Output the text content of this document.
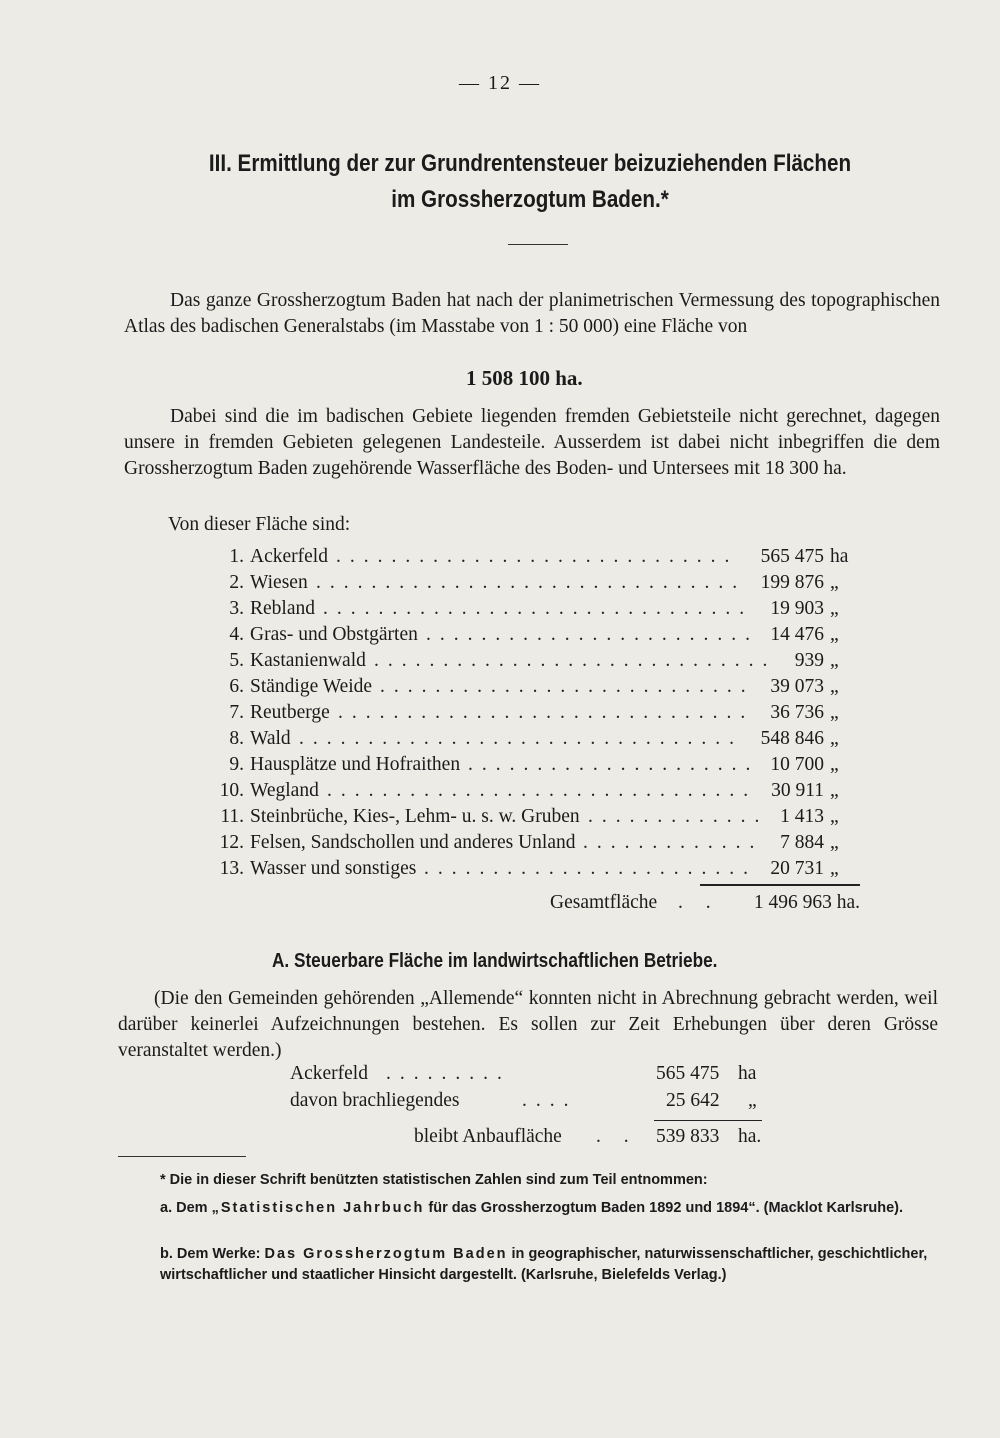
— 12 —
III. Ermittlung der zur Grundrentensteuer beizuziehenden Flächen
im Grossherzogtum Baden.*
Das ganze Grossherzogtum Baden hat nach der planimetrischen Vermessung des topographischen Atlas des badischen Generalstabs (im Masstabe von 1 : 50 000) eine Fläche von
1 508 100 ha.
Dabei sind die im badischen Gebiete liegenden fremden Gebietsteile nicht gerechnet, dagegen unsere in fremden Gebieten gelegenen Landesteile. Ausserdem ist dabei nicht inbegriffen die dem Grossherzogtum Baden zugehörende Wasserfläche des Boden- und Untersees mit 18 300 ha.
Von dieser Fläche sind:
1. Ackerfeld .............................	565 475 ha
2. Wiesen ............................... 199 876 „
3. Rebland ............................... 19 903 „
4. Gras- und Obstgärten ........................ 14 476 „
5. Kastanienwald ............................. 939 „
6. Ständige Weide ........................... 39 073 „
7. Reutberge .............................. 36 736 „
8. Wald ................................ 548 846 „
9. Hausplätze und Hofraithen ..................... 10 700 „
10. Wegland ............................... 30 911 „
11. Steinbrüche, Kies-, Lehm- u. s. w. Gruben ............. 1 413 „
12. Felsen, Sandschollen und anderes Unland ............. 7 884 „
13. Wasser und sonstiges ........................ 20 731 „
Gesamtfläche . . 1 496 963 ha.
A. Steuerbare Fläche im landwirtschaftlichen Betriebe.
(Die den Gemeinden gehörenden „Allemende“ konnten nicht in Abrechnung gebracht werden, weil darüber keinerlei Aufzeichnungen bestehen. Es sollen zur Zeit Erhebungen über deren Grösse veranstaltet werden.)
Ackerfeld .........	565 475 ha
davon brachliegendes	....	25 642 „
bleibt Anbaufläche . . 539 833 ha.
* Die in dieser Schrift benützten statistischen Zahlen sind zum Teil entnommen:
a. Dem „Statistischen Jahrbuch für das Grossherzogtum Baden 1892 und 1894“. (Macklot Karlsruhe).
b. Dem Werke: Das Grossherzogtum Baden in geographischer, naturwissenschaftlicher, geschichtlicher, wirtschaftlicher und staatlicher Hinsicht dargestellt. (Karlsruhe, Bielefelds Verlag.)
